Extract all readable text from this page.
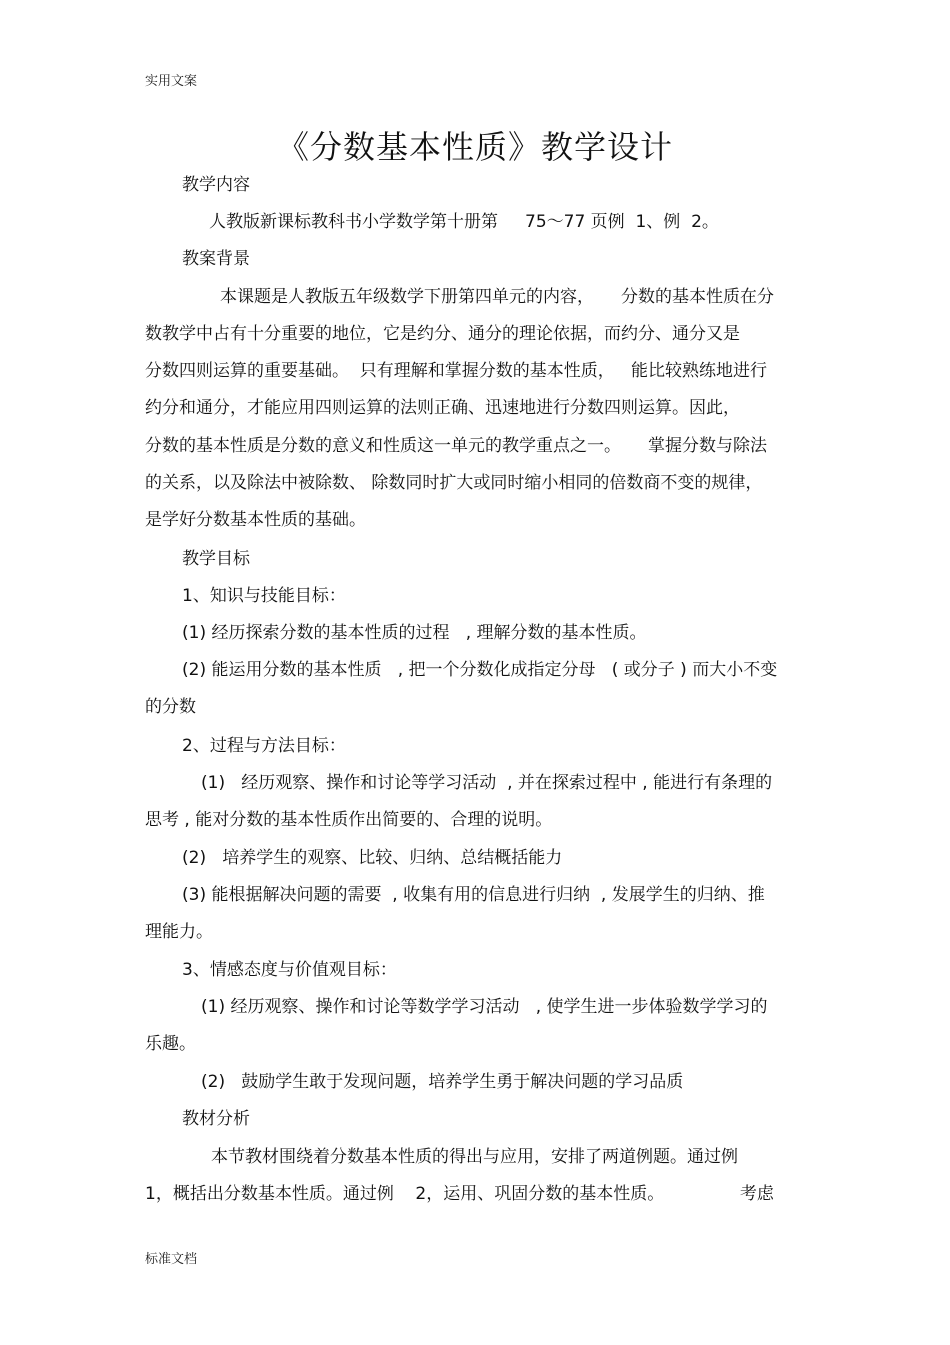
实用文案
《分数基本性质》教学设计
教学内容
人教版新课标教科书小学数学第十册第     75～77 页例  1、例  2。
教案背景
本课题是人教版五年级数学下册第四单元的内容，     分数的基本性质在分
数教学中占有十分重要的地位，它是约分、通分的理论依据，而约分、通分又是
分数四则运算的重要基础。  只有理解和掌握分数的基本性质，   能比较熟练地进行
约分和通分，才能应用四则运算的法则正确、迅速地进行分数四则运算。因此，
分数的基本性质是分数的意义和性质这一单元的教学重点之一。     掌握分数与除法
的关系，以及除法中被除数、 除数同时扩大或同时缩小相同的倍数商不变的规律，
是学好分数基本性质的基础。
教学目标
1、知识与技能目标：
(1) 经历探索分数的基本性质的过程   , 理解分数的基本性质。
(2) 能运用分数的基本性质   , 把一个分数化成指定分母   ( 或分子 ) 而大小不变
的分数
2、过程与方法目标：
(1)   经历观察、操作和讨论等学习活动  , 并在探索过程中 , 能进行有条理的
思考 , 能对分数的基本性质作出简要的、合理的说明。
(2)   培养学生的观察、比较、归纳、总结概括能力
(3) 能根据解决问题的需要  , 收集有用的信息进行归纳  , 发展学生的归纳、推
理能力。
3、情感态度与价值观目标：
(1) 经历观察、操作和讨论等数学学习活动   , 使学生进一步体验数学学习的
乐趣。
(2)   鼓励学生敢于发现问题，培养学生勇于解决问题的学习品质
教材分析
本节教材围绕着分数基本性质的得出与应用，安排了两道例题。通过例
1，概括出分数基本性质。通过例    2，运用、巩固分数的基本性质。              考虑
标准文档
